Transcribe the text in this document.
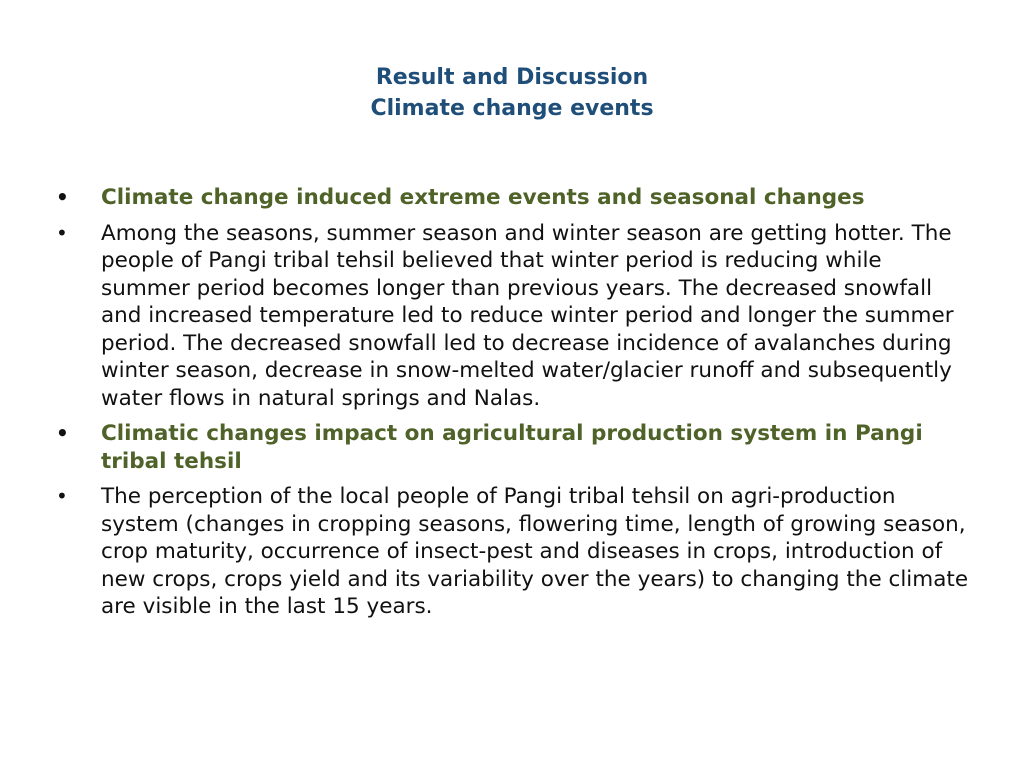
Result and Discussion
Climate change events
• Climate change induced extreme events and seasonal changes
• Among the seasons, summer season and winter season are getting hotter. The people of Pangi tribal tehsil believed that winter period is reducing while summer period becomes longer than previous years. The decreased snowfall and increased temperature led to reduce winter period and longer the summer period. The decreased snowfall led to decrease incidence of avalanches during winter season, decrease in snow-melted water/glacier runoff and subsequently water flows in natural springs and Nalas.
• Climatic changes impact on agricultural production system in Pangi tribal tehsil
• The perception of the local people of Pangi tribal tehsil on agri-production system (changes in cropping seasons, flowering time, length of growing season, crop maturity, occurrence of insect-pest and diseases in crops, introduction of new crops, crops yield and its variability over the years) to changing the climate are visible in the last 15 years.
